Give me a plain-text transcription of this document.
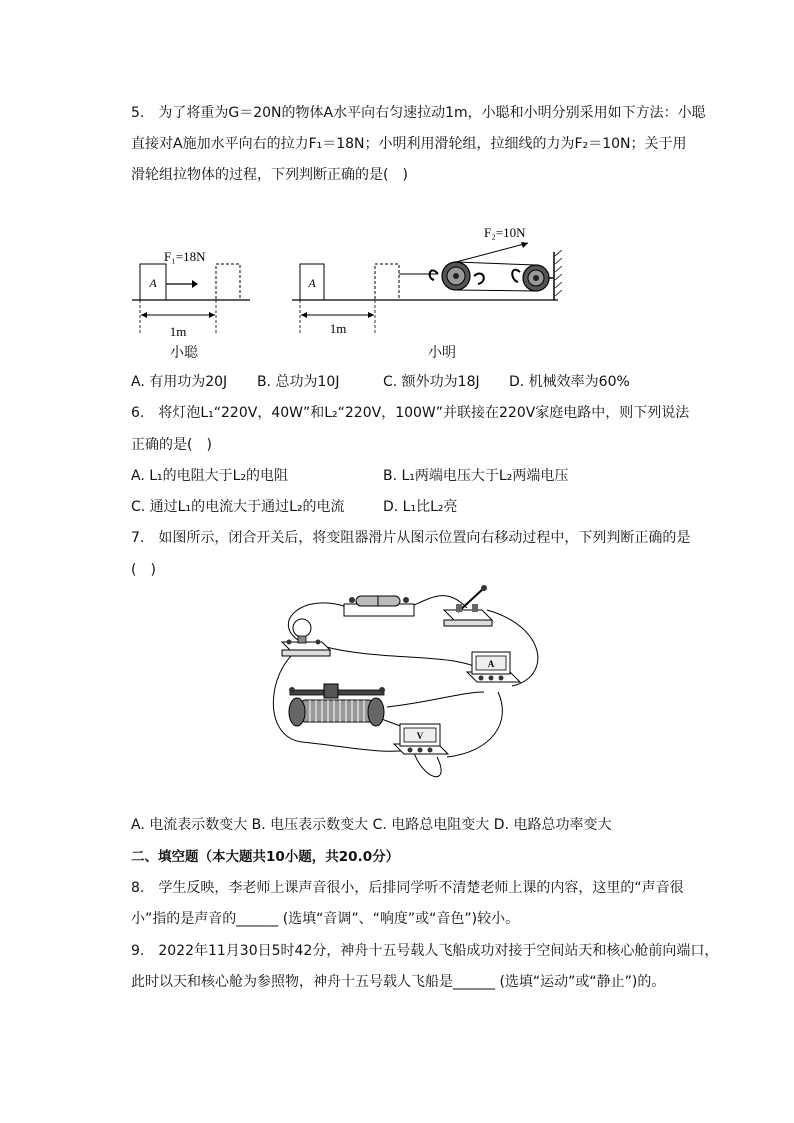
5.　为了将重为G＝20N的物体A水平向右匀速拉动1m，小聪和小明分别采用如下方法：小聪
直接对A施加水平向右的拉力F₁＝18N；小明利用滑轮组，拉细线的力为F₂＝10N；关于用
滑轮组拉物体的过程，下列判断正确的是(　)
F₁=18N
A
1m
小聪
F₂=10N
A
1m
小明
A. 有用功为20J B. 总功为10J	C. 额外功为18J D. 机械效率为60%
6.　将灯泡L₁“220V，40W”和L₂“220V，100W”并联接在220V家庭电路中，则下列说法
正确的是(　)
A. L₁的电阻大于L₂的电阻	B. L₁两端电压大于L₂两端电压
C. 通过L₁的电流大于通过L₂的电流	D. L₁比L₂亮
7.　如图所示，闭合开关后，将变阻器滑片从图示位置向右移动过程中，下列判断正确的是
(　)
A
V
A. 电流表示数变大 B. 电压表示数变大 C. 电路总电阻变大 D. 电路总功率变大
二、填空题（本大题共10小题，共20.0分）
8.　学生反映，李老师上课声音很小，后排同学听不清楚老师上课的内容，这里的“声音很
小”指的是声音的______ (选填“音调”、“响度”或“音色”)较小。
9.　2022年11月30日5时42分，神舟十五号载人飞船成功对接于空间站天和核心舱前向端口，
此时以天和核心舱为参照物，神舟十五号载人飞船是______ (选填“运动”或“静止”)的。
